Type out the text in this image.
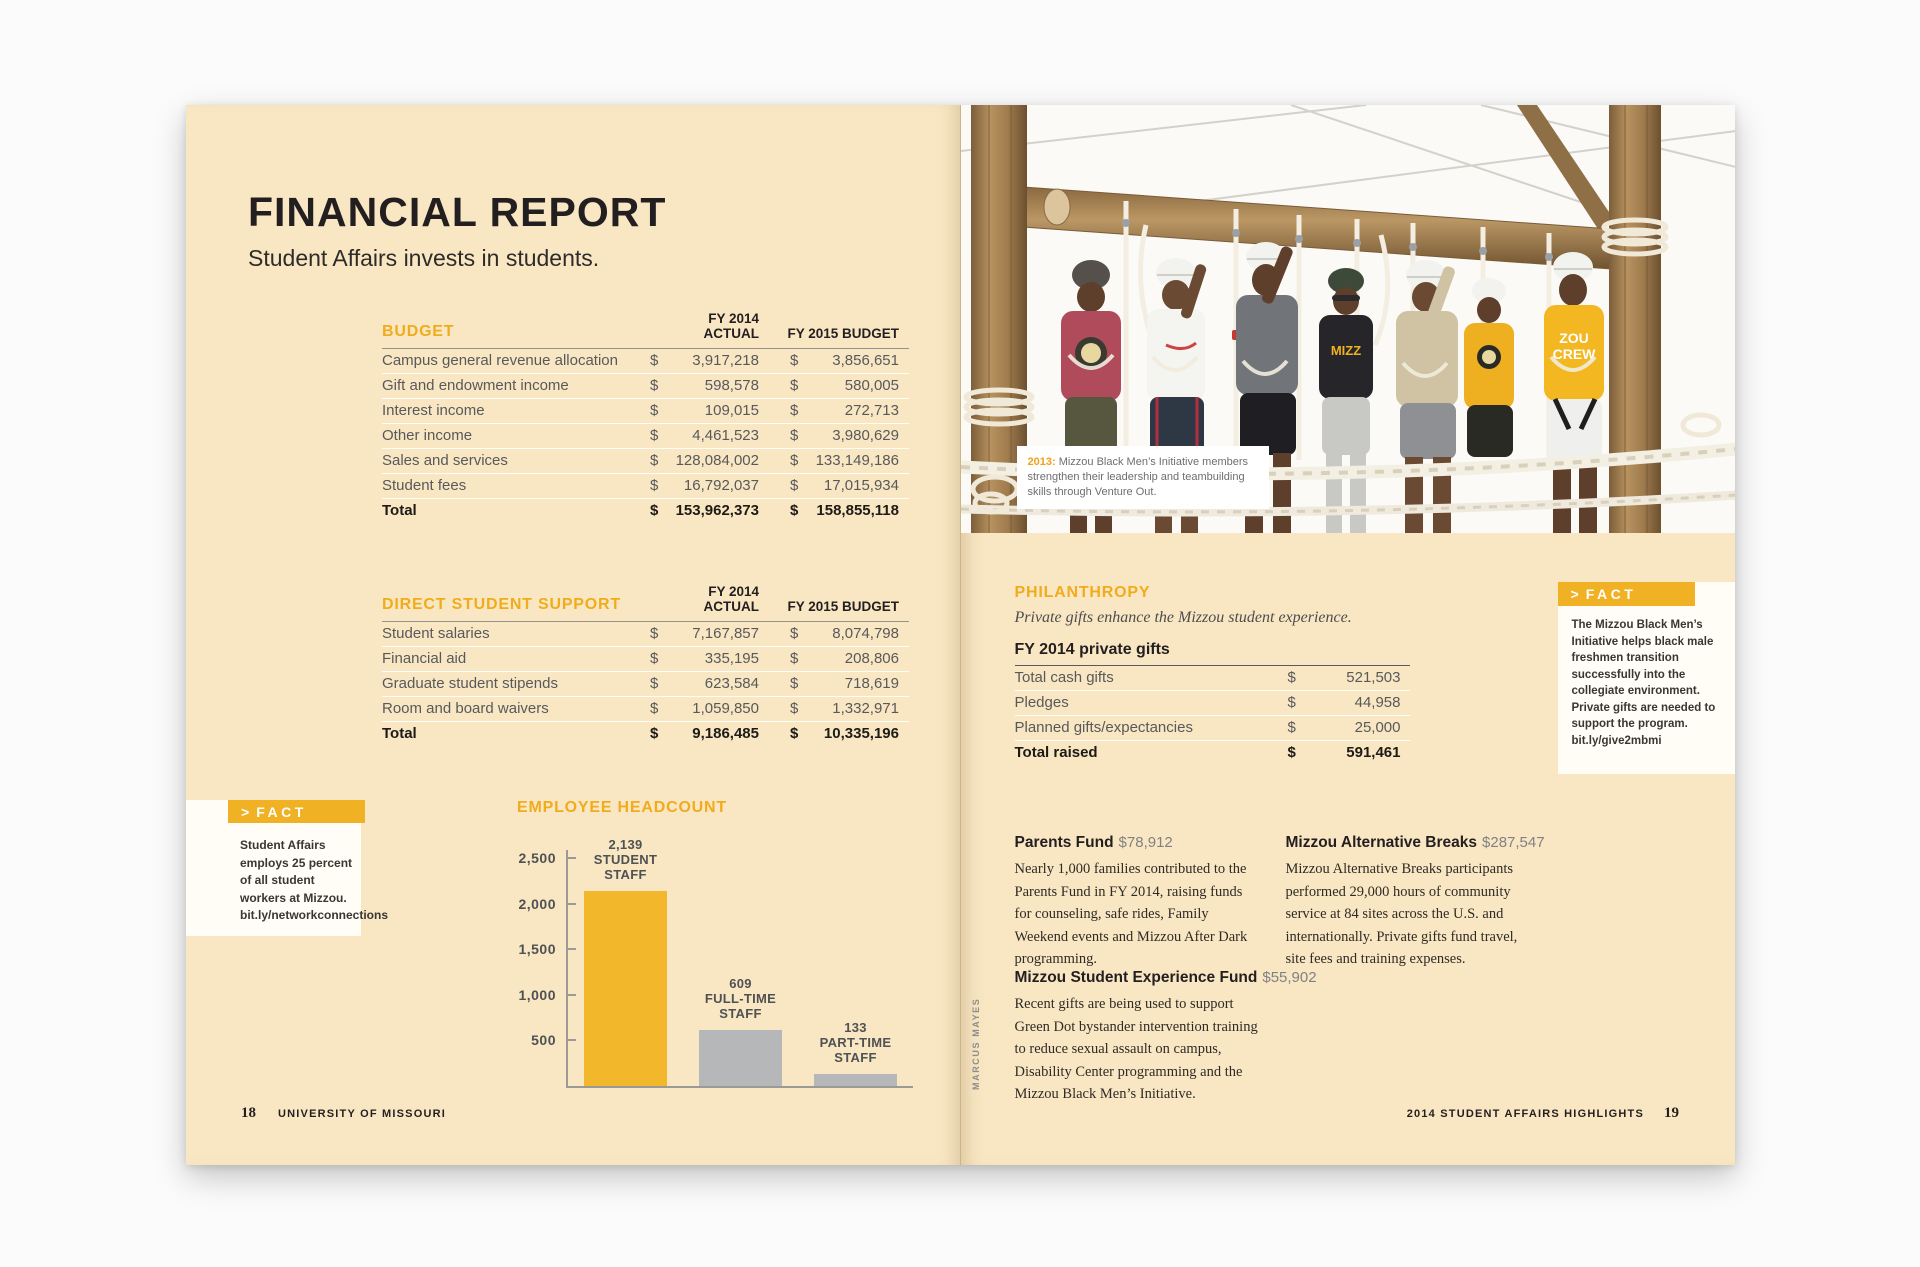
FINANCIAL REPORT
Student Affairs invests in students.
BUDGET
FY 2014 ACTUAL	FY 2015 BUDGET
Campus general revenue allocation	$	3,917,218	$	3,856,651
Gift and endowment income	$	598,578	$	580,005
Interest income	$	109,015	$	272,713
Other income	$	4,461,523	$	3,980,629
Sales and services	$	128,084,002	$	133,149,186
Student fees	$	16,792,037	$	17,015,934
Total	$	153,962,373	$	158,855,118
DIRECT STUDENT SUPPORT
FY 2014 ACTUAL	FY 2015 BUDGET
Student salaries	$	7,167,857	$	8,074,798
Financial aid	$	335,195	$	208,806
Graduate student stipends	$	623,584	$	718,619
Room and board waivers	$	1,059,850	$	1,332,971
Total	$	9,186,485	$	10,335,196
> FACT
Student Affairs employs 25 percent of all student workers at Mizzou. bit.ly/networkconnections
EMPLOYEE HEADCOUNT
500
1,000
1,500
2,000
2,500
2,139
STUDENT
STAFF
609
FULL-TIME
STAFF
133
PART-TIME
STAFF
18 UNIVERSITY OF MISSOURI
MIZZ
ZOU
CREW
2013: Mizzou Black Men’s Initiative members strengthen their leadership and teambuilding skills through Venture Out.
PHILANTHROPY
Private gifts enhance the Mizzou student experience.
FY 2014 private gifts
Total cash gifts	$	521,503
Pledges	$	44,958
Planned gifts/expectancies	$	25,000
Total raised	$	591,461
> FACT
The Mizzou Black Men’s Initiative helps black male freshmen transition successfully into the collegiate environment. Private gifts are needed to support the program. bit.ly/give2mbmi
Parents Fund $78,912

Nearly 1,000 families contributed to the Parents Fund in FY 2014, raising funds for counseling, safe rides, Family Weekend events and Mizzou After Dark programming.

Mizzou Alternative Breaks $287,547

Mizzou Alternative Breaks participants performed 29,000 hours of community service at 84 sites across the U.S. and internationally. Private gifts fund travel, site fees and training expenses.

Mizzou Student Experience Fund $55,902

Recent gifts are being used to support Green Dot bystander intervention training to reduce sexual assault on campus, Disability Center programming and the Mizzou Black Men’s Initiative.

MARCUS MAYES
2014 STUDENT AFFAIRS HIGHLIGHTS 19
